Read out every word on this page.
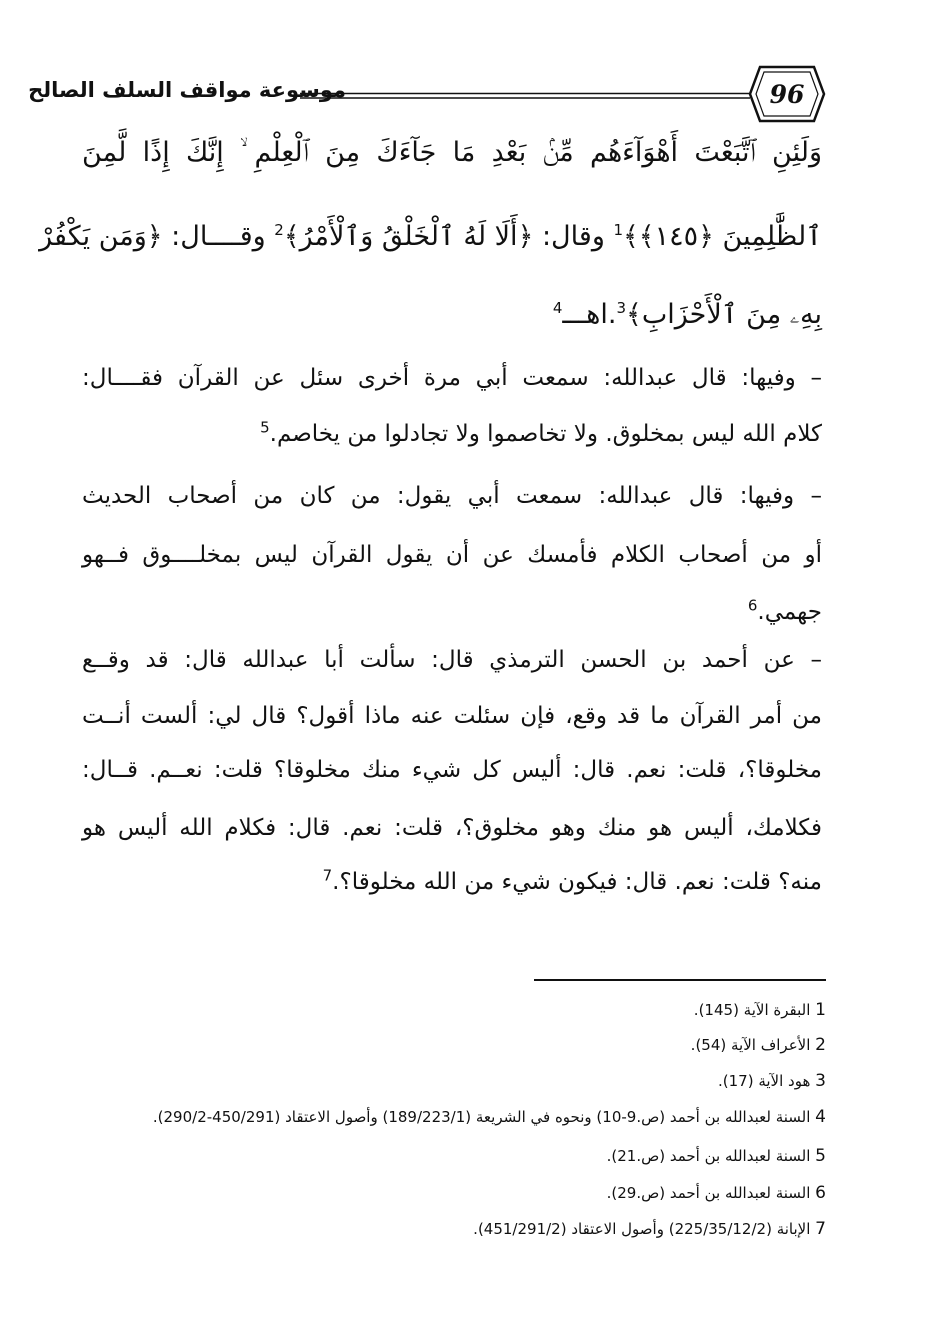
96
موسوعة مواقف السلف الصالح
وَلَئِنِ ٱتَّبَعْتَ أَهْوَآءَهُم مِّنۢ بَعْدِ مَا جَآءَكَ مِنَ ٱلْعِلْمِ ۙ إِنَّكَ إِذًا لَّمِنَ
ٱلظَّٰلِمِينَ ﴿١٤٥﴾﴾$^1$ وقال: ﴿أَلَا لَهُ ٱلْخَلْقُ وَٱلْأَمْرُ﴾$^2$ وقــــال: ﴿وَمَن يَكْفُرْ
بِهِۦ مِنَ ٱلْأَحْزَابِ﴾$^3$.اهـــ$^4$
– وفيها: قال عبدالله: سمعت أبي مرة أخرى سئل عن القرآن فقــــال:
كلام الله ليس بمخلوق. ولا تخاصموا ولا تجادلوا من يخاصم.$^5$
– وفيها: قال عبدالله: سمعت أبي يقول: من كان من أصحاب الحديث
أو من أصحاب الكلام فأمسك عن أن يقول القرآن ليس بمخلــــوق فــهو
جهمي.$^6$
– عن أحمد بن الحسن الترمذي قال: سألت أبا عبدالله قال: قد وقــع
من أمر القرآن ما قد وقع، فإن سئلت عنه ماذا أقول؟ قال لي: ألست أنــت
مخلوقا؟، قلت: نعم. قال: أليس كل شيء منك مخلوقا؟ قلت: نعــم. قــال:
فكلامك، أليس هو منك وهو مخلوق؟، قلت: نعم. قال: فكلام الله أليس هو
منه؟ قلت: نعم. قال: فيكون شيء من الله مخلوقا؟.$^7$
1 البقرة الآية (145).
2 الأعراف الآية (54).
3 هود الآية (17).
4 السنة لعبدالله بن أحمد (ص.9-10) ونحوه في الشريعة (189/223/1) وأصول الاعتقاد (450/291-290/2).
5 السنة لعبدالله بن أحمد (ص.21).
6 السنة لعبدالله بن أحمد (ص.29).
7 الإبانة (225/35/12/2) وأصول الاعتقاد (451/291/2).
